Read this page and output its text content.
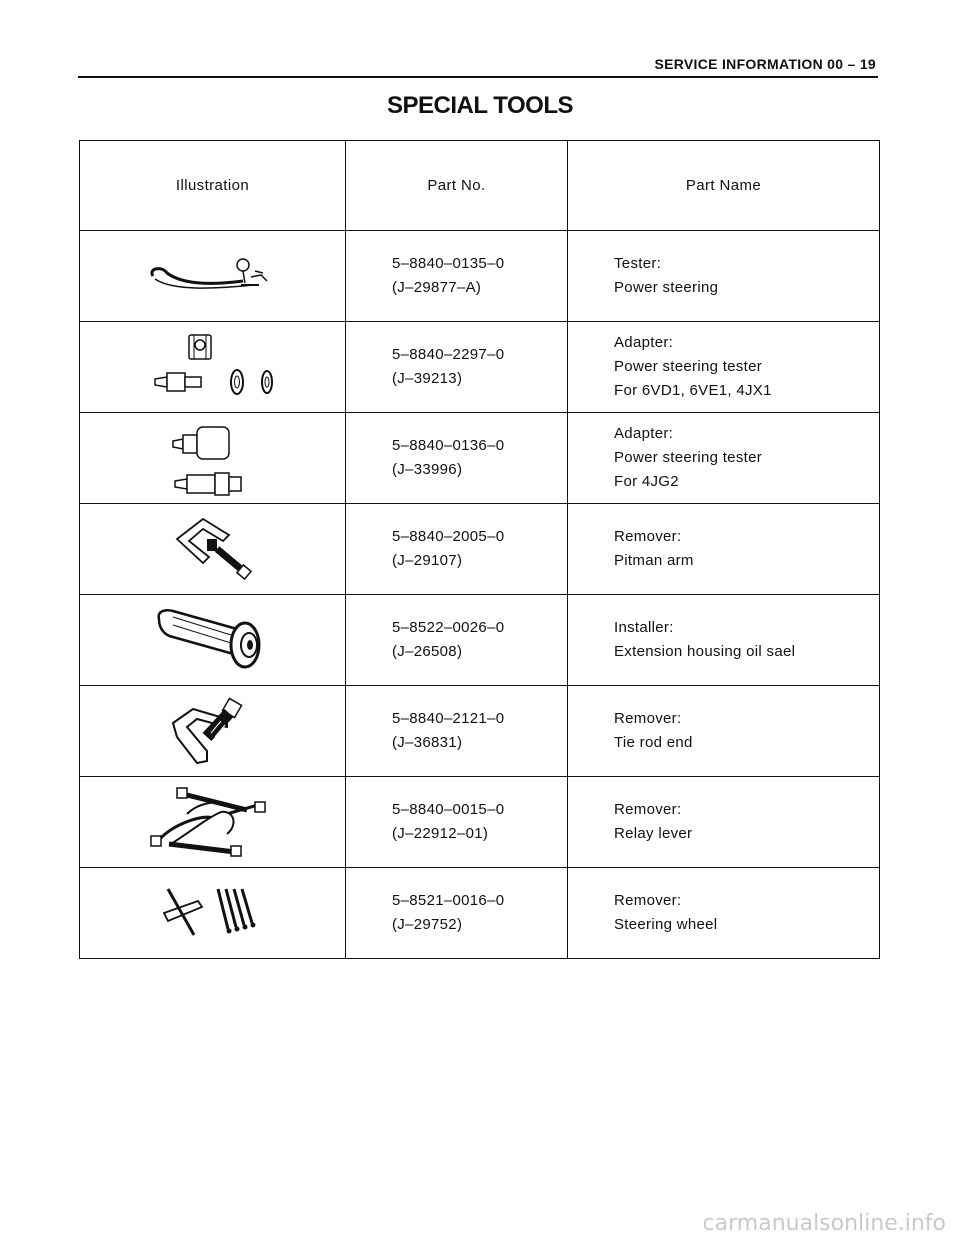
SERVICE INFORMATION 00 – 19
SPECIAL TOOLS
Illustration	Part No.	Part Name

5–8840–0135–0
(J–29877–A)	Tester:
Power steering

5–8840–2297–0
(J–39213)	Adapter:
Power steering tester
For 6VD1, 6VE1, 4JX1

5–8840–0136–0
(J–33996)	Adapter:
Power steering tester
For 4JG2

5–8840–2005–0
(J–29107)	Remover:
Pitman arm

5–8522–0026–0
(J–26508)	Installer:
Extension housing oil sael

5–8840–2121–0
(J–36831)	Remover:
Tie rod end

5–8840–0015–0
(J–22912–01)	Remover:
Relay lever

5–8521–0016–0
(J–29752)	Remover:
Steering wheel
carmanualsonline.info
